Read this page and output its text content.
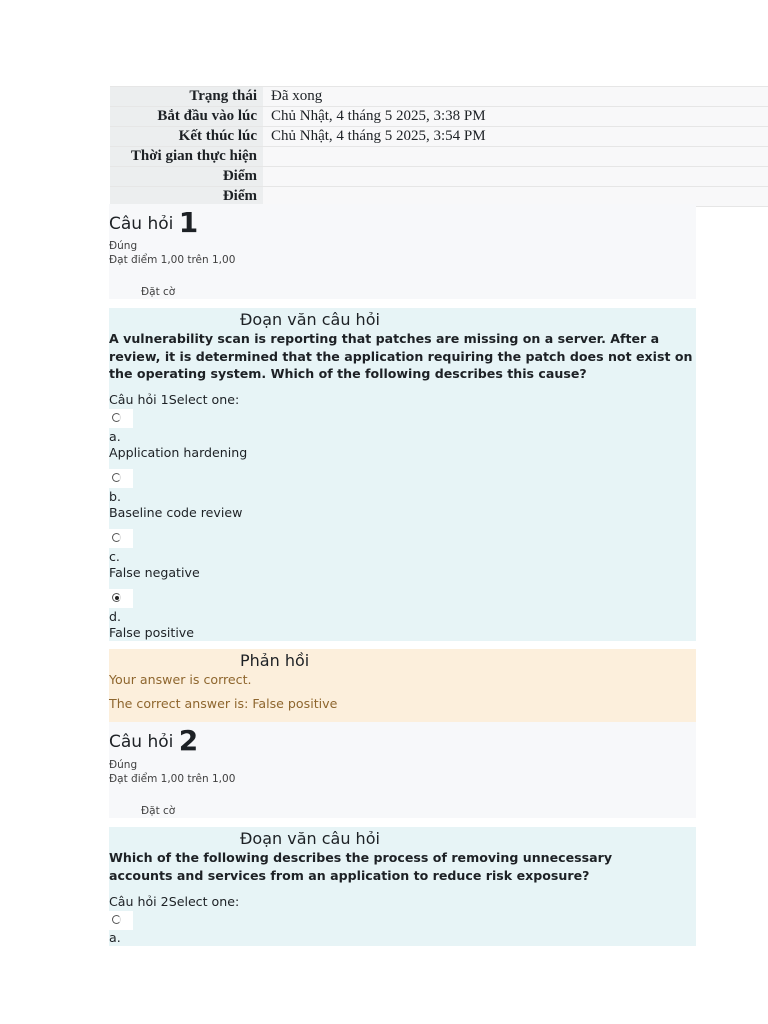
Trạng thái Đã xong
Bắt đầu vào lúc Chủ Nhật, 4 tháng 5 2025, 3:38 PM
Kết thúc lúc Chủ Nhật, 4 tháng 5 2025, 3:54 PM
Thời gian thực hiện
Điểm
Điểm
Câu hỏi 1
Đúng
Đạt điểm 1,00 trên 1,00
Đặt cờ
Đoạn văn câu hỏi
A vulnerability scan is reporting that patches are missing on a server. After a review, it is determined that the application requiring the patch does not exist on the operating system. Which of the following describes this cause?
Câu hỏi 1Select one:
a.
Application hardening
b.
Baseline code review
c.
False negative
d.
False positive
Phản hồi
Your answer is correct.
The correct answer is: False positive
Câu hỏi 2
Đúng
Đạt điểm 1,00 trên 1,00
Đặt cờ
Đoạn văn câu hỏi
Which of the following describes the process of removing unnecessary accounts and services from an application to reduce risk exposure?
Câu hỏi 2Select one:
a.
